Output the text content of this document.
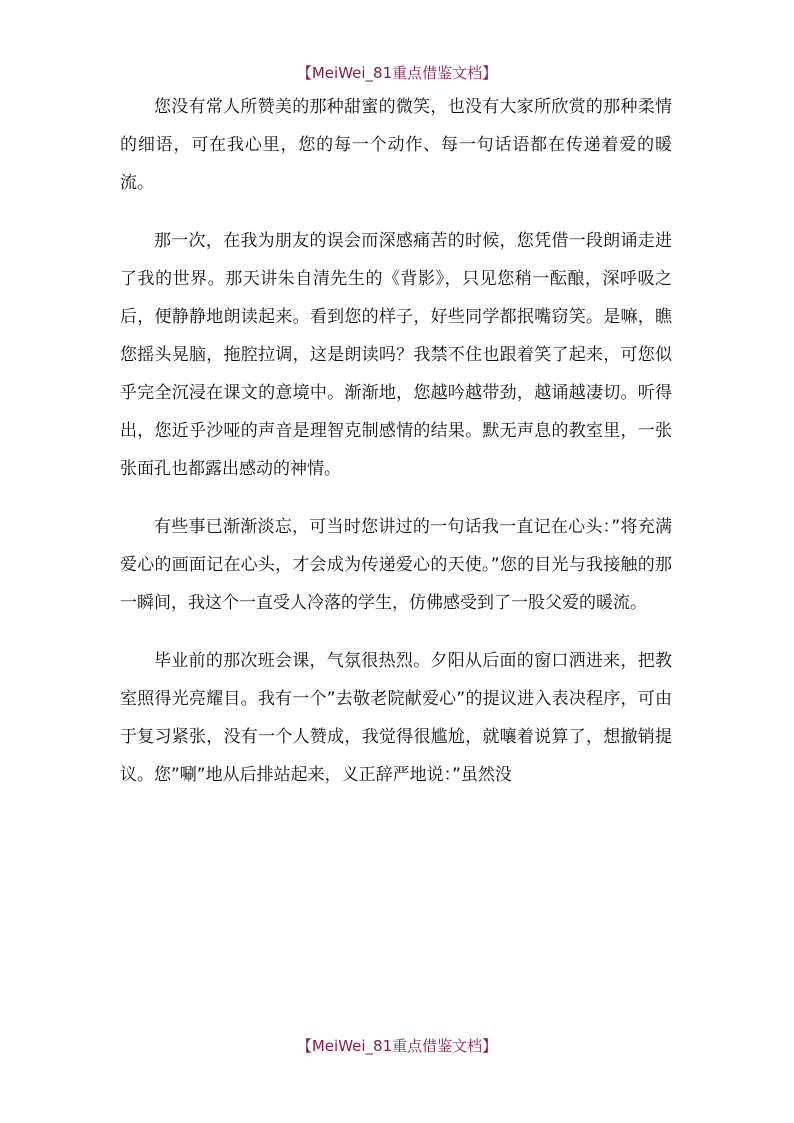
【MeiWei_81重点借鉴文档】

您没有常人所赞美的那种甜蜜的微笑，也没有大家所欣赏的那种柔情的细语，可在我心里，您的每一个动作、每一句话语都在传递着爱的暖流。

那一次，在我为朋友的误会而深感痛苦的时候，您凭借一段朗诵走进了我的世界。那天讲朱自清先生的《背影》，只见您稍一酝酿，深呼吸之后，便静静地朗读起来。看到您的样子，好些同学都抿嘴窃笑。是嘛，瞧您摇头晃脑，拖腔拉调，这是朗读吗？我禁不住也跟着笑了起来，可您似乎完全沉浸在课文的意境中。渐渐地，您越吟越带劲，越诵越凄切。听得出，您近乎沙哑的声音是理智克制感情的结果。默无声息的教室里，一张张面孔也都露出感动的神情。

有些事已渐渐淡忘，可当时您讲过的一句话我一直记在心头：”将充满爱心的画面记在心头，才会成为传递爱心的天使。”您的目光与我接触的那一瞬间，我这个一直受人冷落的学生，仿佛感受到了一股父爱的暖流。

毕业前的那次班会课，气氛很热烈。夕阳从后面的窗口洒进来，把教室照得光亮耀目。我有一个”去敬老院献爱心”的提议进入表决程序，可由于复习紧张，没有一个人赞成，我觉得很尴尬，就嚷着说算了，想撤销提议。您”唰”地从后排站起来，义正辞严地说：”虽然没

【MeiWei_81重点借鉴文档】
